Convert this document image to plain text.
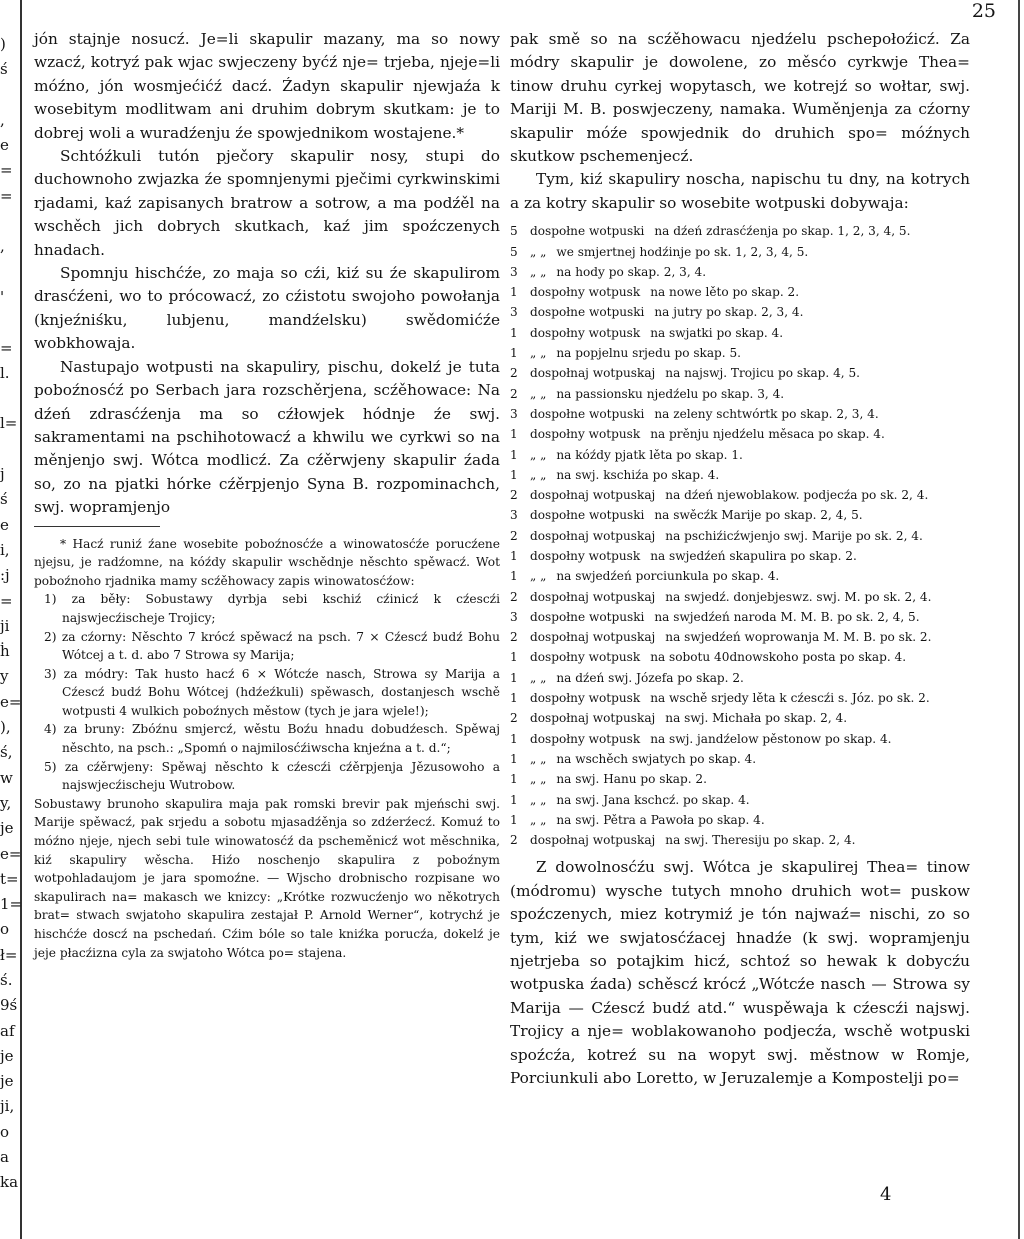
)
ś
,
e
=
=
,
'
=
l.
l=
j
ś
e
i,
:j
=
ji
ḣ
y
e=
),
ś,
w
y,
je
e=
t=
1=
o
ł=
ś.
9ś
af
je
je
ji,
o
a
ka
25

jón stajnje nosucź. Je=li skapulir mazany, ma so nowy wzacź, kotryź pak wjac swjeczeny byćź nje= trjeba, njeje=li móźno, jón wosmjećićź dacź. Źadyn skapulir njewjaźa k wosebitym modlitwam ani druhim dobrym skutkam: je to dobrej woli a wuradźenju źe spowjednikom wostajene.*

Schtóźkuli tutón pječory skapulir nosy, stupi do duchownoho zwjazka źe spomnjenymi pječimi cyrkwinskimi rjadami, kaź zapisanych bratrow a sotrow, a ma podźěl na wschěch jich dobrych skutkach, kaź jim spoźczenych hnadach.

Spomnju hischćźe, zo maja so cźi, kiź su źe skapulirom drasćźeni, wo to prócowacź, zo cźistotu swojoho powołanja (knjeźniśku, lubjenu, mandźelsku) swědomićźe wobkhowaja.

Nastupajo wotpusti na skapuliry, pischu, dokelź je tuta poboźnosćź po Serbach jara rozschěrjena, scźěhowace: Na dźeń zdrasćźenja ma so cźłowjek hódnje źe swj. sakramentami na pschihotowacź a khwilu we cyrkwi so na měnjenjo swj. Wótca modlicź. Za cźěrwjeny skapulir źada so, zo na pjatki hórke cźěrpjenjo Syna B. rozpominachch, swj. wopramjenjo

* Hacź runiź źane wosebite poboźnosćźe a winowatosćźe porucźene njejsu, je radźomne, na kóźdy skapulir wschědnje něschto spěwacź. Wot poboźnoho rjadnika mamy scźěhowacy zapis winowatosćźow:

1) za běły: Sobustawy dyrbja sebi kschiź cźinicź k cźescźi najswjecźischeje Trojicy;

2) za cźorny: Něschto 7 krócź spěwacź na psch. 7 × Cźescź budź Bohu Wótcej a t. d. abo 7 Strowa sy Marija;

3) za módry: Tak husto hacź 6 × Wótcźe nasch, Strowa sy Marija a Cźescź budź Bohu Wótcej (hdźeźkuli) spěwasch, dostanjesch wschě wotpusti 4 wulkich poboźnych městow (tych je jara wjele!);

4) za bruny: Zbóźnu smjercź, wěstu Boźu hnadu dobudźesch. Spěwaj něschto, na psch.: „Spomń o najmilosćźiwscha knjeźna a t. d.“;

5) za cźěrwjeny: Spěwaj něschto k cźescźi cźěrpjenja Jězusowoho a najswjecźischeju Wutrobow.

Sobustawy brunoho skapulira maja pak romski brevir pak mjeńschi swj. Marije spěwacź, pak srjedu a sobotu mjasadźěnja so zdźerźecź. Komuź to móźno njeje, njech sebi tule winowatosćź da pscheměnicź wot měschnika, kiź skapuliry wěscha. Hiźo noschenjo skapulira z poboźnym wotpohladaujom je jara spomoźne. — Wjscho drobnischo rozpisane wo skapulirach na= makasch we knizcy: „Krótke rozwucźenjo wo někotrych brat= stwach swjatoho skapulira zestajał P. Arnold Werner“, kotrychź je hischćźe doscź na pschedań. Cźim bóle so tale kniźka porucźa, dokelź je jeje płacźizna cyla za swjatoho Wótca po= stajena.

pak smě so na scźěhowacu njedźelu pschepołoźicź. Za módry skapulir je dowolene, zo měsćo cyrkwje Thea= tinow druhu cyrkej wopytasch, we kotrejź so wołtar, swj. Mariji M. B. poswjeczeny, namaka. Wuměnjenja za cźorny skapulir móźe spowjednik do druhich spo= móźnych skutkow pschemenjecź.

Tym, kiź skapuliry noscha, napischu tu dny, na kotrych a za kotry skapulir so wosebite wotpuski dobywaja:

5	dospołne wotpuski na dźeń zdrasćźenja po skap. 1, 2, 3, 4, 5.
5	„ „ we smjertnej hodźinje po sk. 1, 2, 3, 4, 5.
3	„ „ na hody po skap. 2, 3, 4.
1	dospołny wotpusk na nowe lěto po skap. 2.
3	dospołne wotpuski na jutry po skap. 2, 3, 4.
1	dospołny wotpusk na swjatki po skap. 4.
1	„ „ na popjelnu srjedu po skap. 5.
2	dospołnaj wotpuskaj na najswj. Trojicu po skap. 4, 5.
2	„ „ na passionsku njedźelu po skap. 3, 4.
3	dospołne wotpuski na zeleny schtwórtk po skap. 2, 3, 4.
1	dospołny wotpusk na prěnju njedźelu měsaca po skap. 4.
1	„ „ na kóźdy pjatk lěta po skap. 1.
1	„ „ na swj. kschiźa po skap. 4.
2	dospołnaj wotpuskaj na dźeń njewoblakow. podjecźa po sk. 2, 4.
3	dospołne wotpuski na swěcźk Marije po skap. 2, 4, 5.
2	dospołnaj wotpuskaj na pschiźicźwjenjo swj. Marije po sk. 2, 4.
1	dospołny wotpusk na swjedźeń skapulira po skap. 2.
1	„ „ na swjedźeń porciunkula po skap. 4.
2	dospołnaj wotpuskaj na swjedź. donjebjeswz. swj. M. po sk. 2, 4.
3	dospołne wotpuski na swjedźeń naroda M. M. B. po sk. 2, 4, 5.
2	dospołnaj wotpuskaj na swjedźeń woprowanja M. M. B. po sk. 2.
1	dospołny wotpusk na sobotu 40dnowskoho posta po skap. 4.
1	„ „ na dźeń swj. Józefa po skap. 2.
1	dospołny wotpusk na wschě srjedy lěta k cźescźi s. Józ. po sk. 2.
2	dospołnaj wotpuskaj na swj. Michała po skap. 2, 4.
1	dospołny wotpusk na swj. jandźelow pěstonow po skap. 4.
1	„ „ na wschěch swjatych po skap. 4.
1	„ „ na swj. Hanu po skap. 2.
1	„ „ na swj. Jana kschcź. po skap. 4.
1	„ „ na swj. Pětra a Pawoła po skap. 4.
2	dospołnaj wotpuskaj na swj. Theresiju po skap. 2, 4.

Z dowolnosćźu swj. Wótca je skapulirej Thea= tinow (módromu) wysche tutych mnoho druhich wot= puskow spoźczenych, miez kotrymiź je tón najwaź= nischi, zo so tym, kiź we swjatosćźacej hnadźe (k swj. wopramjenju njetrjeba so potajkim hicź, schtoź so hewak k dobycźu wotpuska źada) schěscź krócź „Wótcźe nasch — Strowa sy Marija — Cźescź budź atd.“ wuspěwaja k cźescźi najswj. Trojicy a nje= woblakowanoho podjecźa, wschě wotpuski spoźcźa, kotreź su na wopyt swj. městnow w Romje, Porciunkuli abo Loretto, w Jeruzalemje a Kompostelji po=

4
